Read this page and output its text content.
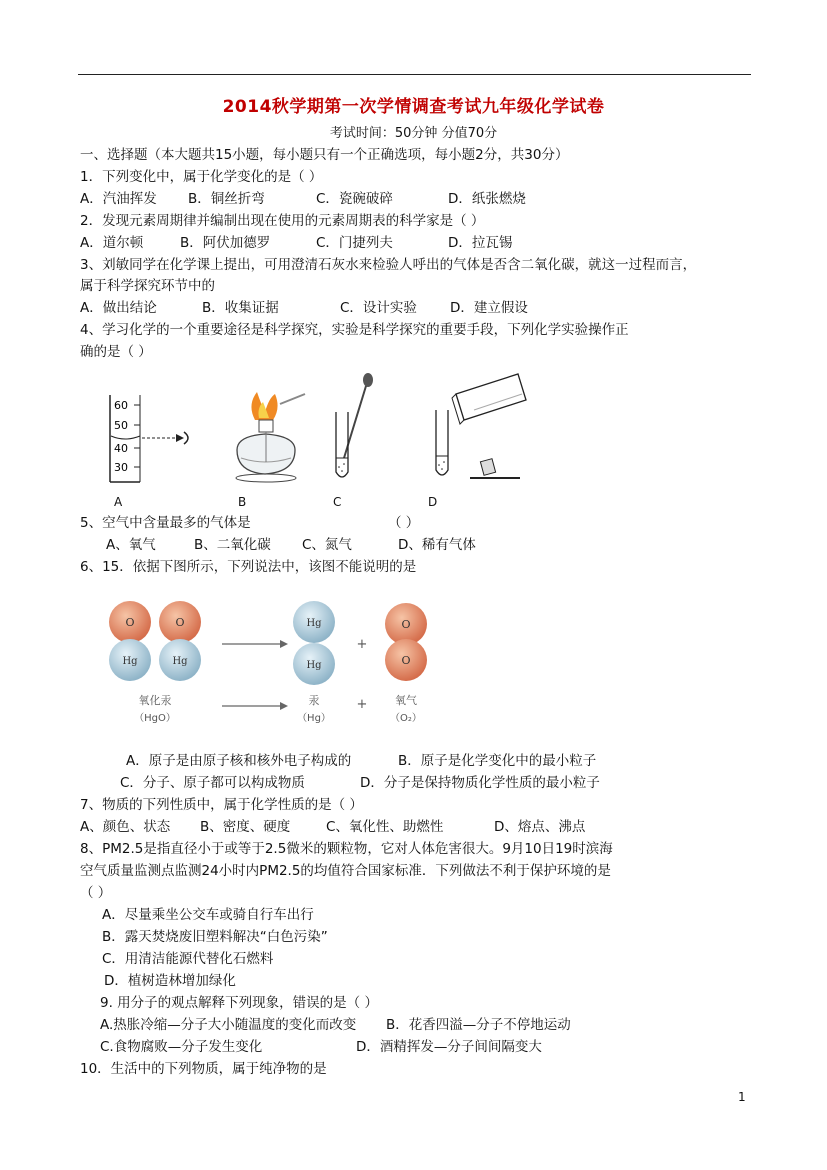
2014秋学期第一次学情调查考试九年级化学试卷
考试时间：50分钟 分值70分
一、选择题（本大题共15小题，每小题只有一个正确选项，每小题2分，共30分）
1．下列变化中，属于化学变化的是（ ）
A．汽油挥发 B．铜丝折弯	C．瓷碗破碎	D．纸张燃烧
2．发现元素周期律并编制出现在使用的元素周期表的科学家是（ ）
A．道尔顿	B．阿伏加德罗	C．门捷列夫	D．拉瓦锡
3、刘敏同学在化学课上提出，可用澄清石灰水来检验人呼出的气体是否含二氧化碳，就这一过程而言，
属于科学探究环节中的
A．做出结论	B．收集证据	C．设计实验 D．建立假设
4、学习化学的一个重要途径是科学探究，实验是科学探究的重要手段，下列化学实验操作正
确的是（ ）
60
50
40
30
A	B	C	D
5、空气中含量最多的气体是	（ ）
A、氧气	B、二氧化碳 C、氮气	D、稀有气体
6、15．依据下图所示，下列说法中，该图不能说明的是
O
Hg
O
Hg
Hg
Hg
+
O
O
氧化汞
（HgO）
汞
（Hg）
+	氧气
（O₂）
A．原子是由原子核和核外电子构成的	B．原子是化学变化中的最小粒子
C．分子、原子都可以构成物质	D．分子是保持物质化学性质的最小粒子
7、物质的下列性质中，属于化学性质的是（ ）
A、颜色、状态 B、密度、硬度	C、氧化性、助燃性	D、熔点、沸点
8、PM2.5是指直径小于或等于2.5微米的颗粒物，它对人体危害很大。9月10日19时滨海
空气质量监测点监测24小时内PM2.5的均值符合国家标准．下列做法不利于保护环境的是
（ ）
A．尽量乘坐公交车或骑自行车出行
B．露天焚烧废旧塑料解决“白色污染”
C．用清洁能源代替化石燃料
D．植树造林增加绿化
9. 用分子的观点解释下列现象，错误的是（ ）
A.热胀冷缩—分子大小随温度的变化而改变 B．花香四溢—分子不停地运动
C.食物腐败—分子发生变化	D．酒精挥发—分子间间隔变大
10．生活中的下列物质，属于纯净物的是
1
